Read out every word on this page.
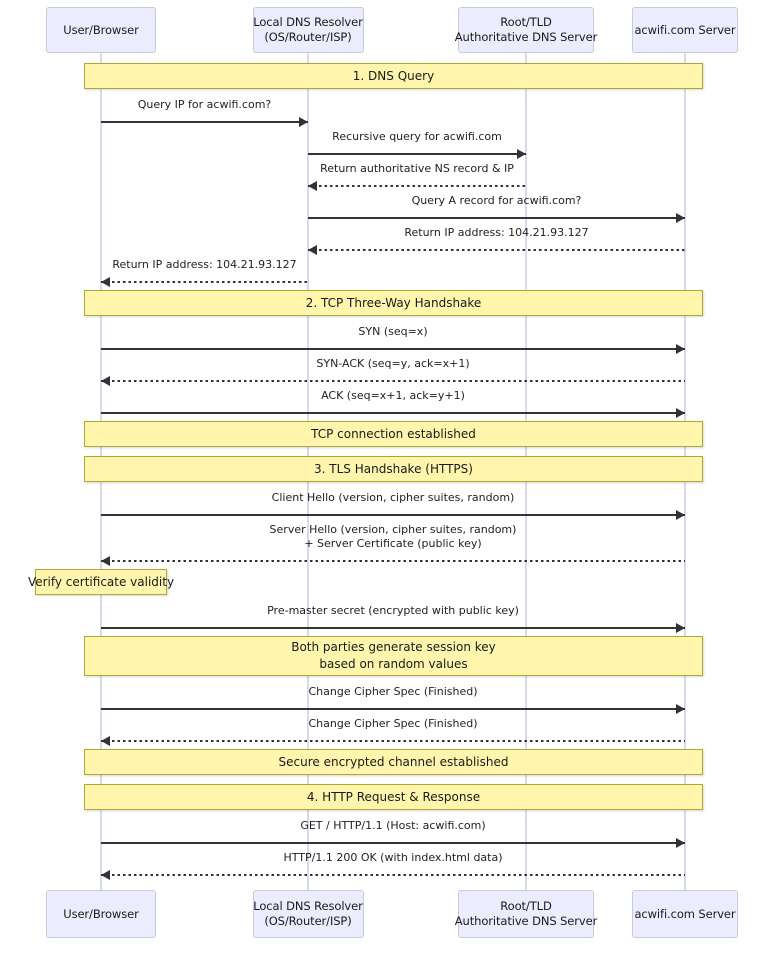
User/Browser
Local DNS Resolver
(OS/Router/ISP)
Root/TLD
Authoritative DNS Server
acwifi.com Server
User/Browser
Local DNS Resolver
(OS/Router/ISP)
Root/TLD
Authoritative DNS Server
acwifi.com Server
1. DNS Query
Query IP for acwifi.com?
Recursive query for acwifi.com
Return authoritative NS record & IP
Query A record for acwifi.com?
Return IP address: 104.21.93.127
Return IP address: 104.21.93.127
2. TCP Three-Way Handshake
SYN (seq=x)
SYN-ACK (seq=y, ack=x+1)
ACK (seq=x+1, ack=y+1)
TCP connection established
3. TLS Handshake (HTTPS)
Client Hello (version, cipher suites, random)
Server Hello (version, cipher suites, random)
+ Server Certificate (public key)
Verify certificate validity
Pre-master secret (encrypted with public key)
Both parties generate session key
based on random values
Change Cipher Spec (Finished)
Change Cipher Spec (Finished)
Secure encrypted channel established
4. HTTP Request & Response
GET / HTTP/1.1 (Host: acwifi.com)
HTTP/1.1 200 OK (with index.html data)
